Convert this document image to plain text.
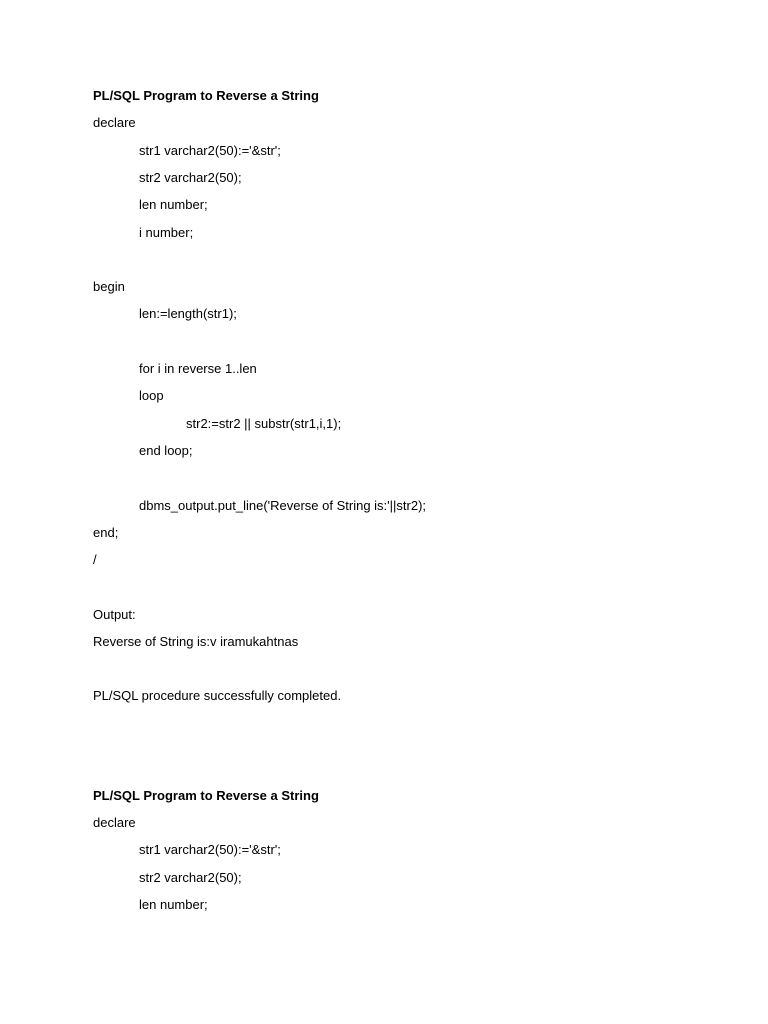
PL/SQL Program to Reverse a String
declare
str1 varchar2(50):='&str';
str2 varchar2(50);
len number;
i number;
begin
len:=length(str1);
for i in reverse 1..len
loop
str2:=str2 || substr(str1,i,1);
end loop;
dbms_output.put_line('Reverse of String is:'||str2);
end;
/
Output:
Reverse of String is:v iramukahtnas
PL/SQL procedure successfully completed.
PL/SQL Program to Reverse a String
declare
str1 varchar2(50):='&str';
str2 varchar2(50);
len number;
